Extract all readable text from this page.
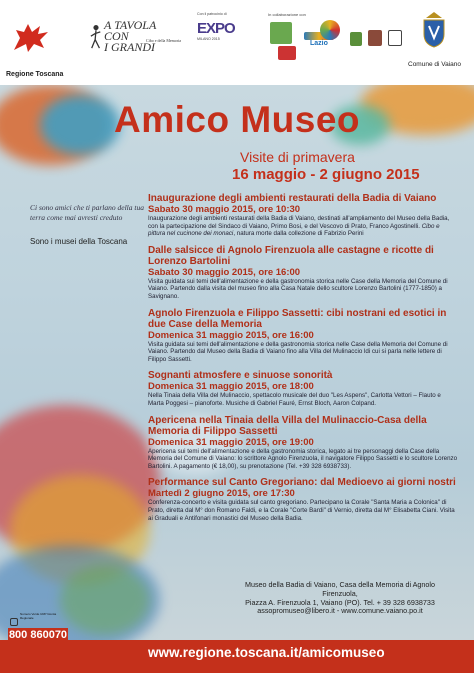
Regione Toscana
A TAVOLA
CON
I GRANDI
Cibo e della Memoria
Con il patrocinio di
EXPO
MILANO 2015
In collaborazione con
Lazio
Comune di Vaiano
Amico Museo
Visite di primavera
16 maggio - 2 giugno 2015
Ci sono amici che ti parlano della tua terra come mai avresti creduto
Sono i musei della Toscana
Inaugurazione degli ambienti restaurati della Badia di Vaiano
Sabato 30 maggio 2015, ore 10:30
Inaugurazione degli ambienti restaurati della Badia di Vaiano, destinati all'ampliamento del Museo della Badia, con la partecipazione del Sindaco di Vaiano, Primo Bosi, e del Vescovo di Prato, Franco Agostinelli. Cibo e pittura nel cucinone dei monaci, natura morte dalla collezione di Fabrizio Perini
Dalle salsicce di Agnolo Firenzuola alle castagne e ricotte di Lorenzo Bartolini
Sabato 30 maggio 2015, ore 16:00
Visita guidata sui temi dell'alimentazione e della gastronomia storica nelle Case della Memoria del Comune di Vaiano. Partendo dalla visita del museo fino alla Casa Natale dello scultore Lorenzo Bartolini (1777-1850) a Savignano.
Agnolo Firenzuola e Filippo Sassetti: cibi nostrani ed esotici in due Case della Memoria
Domenica 31 maggio 2015, ore 16:00
Visita guidata sui temi dell'alimentazione e della gastronomia storica nelle Case della Memoria del Comune di Vaiano. Partendo dal Museo della Badia di Vaiano fino alla Villa del Mulinaccio ldi cui si parla nelle lettere di Filippo Sassetti.
Sognanti atmosfere e sinuose sonorità
Domenica 31 maggio 2015, ore 18:00
Nella Tinaia della Villa del Mulinaccio, spettacolo musicale del duo "Les Aspens", Carlotta Vettori – Flauto e Marta Poggesi – pianoforte. Musiche di Gabriel Fauré, Ernst Bloch, Aaron Colpand.
Apericena nella Tinaia della Villa del Mulinaccio-Casa della Memoria di Filippo Sassetti
Domenica 31 maggio 2015, ore 19:00
Apericena sui temi dell'alimentazione e della gastronomia storica, legato ai tre personaggi della Case della Memoria del Comune di Vaiano: lo scrittore Agnolo Firenzuola, il navigatore Filippo Sassetti e lo scultore Lorenzo Bartolini. A pagamento (€ 18,00), su prenotazione (Tel. +39 328 6938733).
Performance sul Canto Gregoriano: dal Medioevo ai giorni nostri
Martedì 2 giugno 2015, ore 17:30
Conferenza-concerto e visita guidata sul canto gregoriano. Partecipano la Corale "Santa Maria a Colonica" di Prato, diretta dal M° don Romano Faldi, e la Corale "Corte Bardi" di Vernio, diretta dal M° Elisabetta Ciani. Visita ai Graduali e Antifonari monastici del Museo della Badia.
Museo della Badia di Vaiano, Casa della Memoria di Agnolo Firenzuola,
Piazza A. Firenzuola 1, Vaiano (PO). Tel. + 39 328 6938733
assopromuseo@libero.it - www.comune.vaiano.po.it
Numero Verde URP Giunta Regionale
800 860070
www.regione.toscana.it/amicomuseo
